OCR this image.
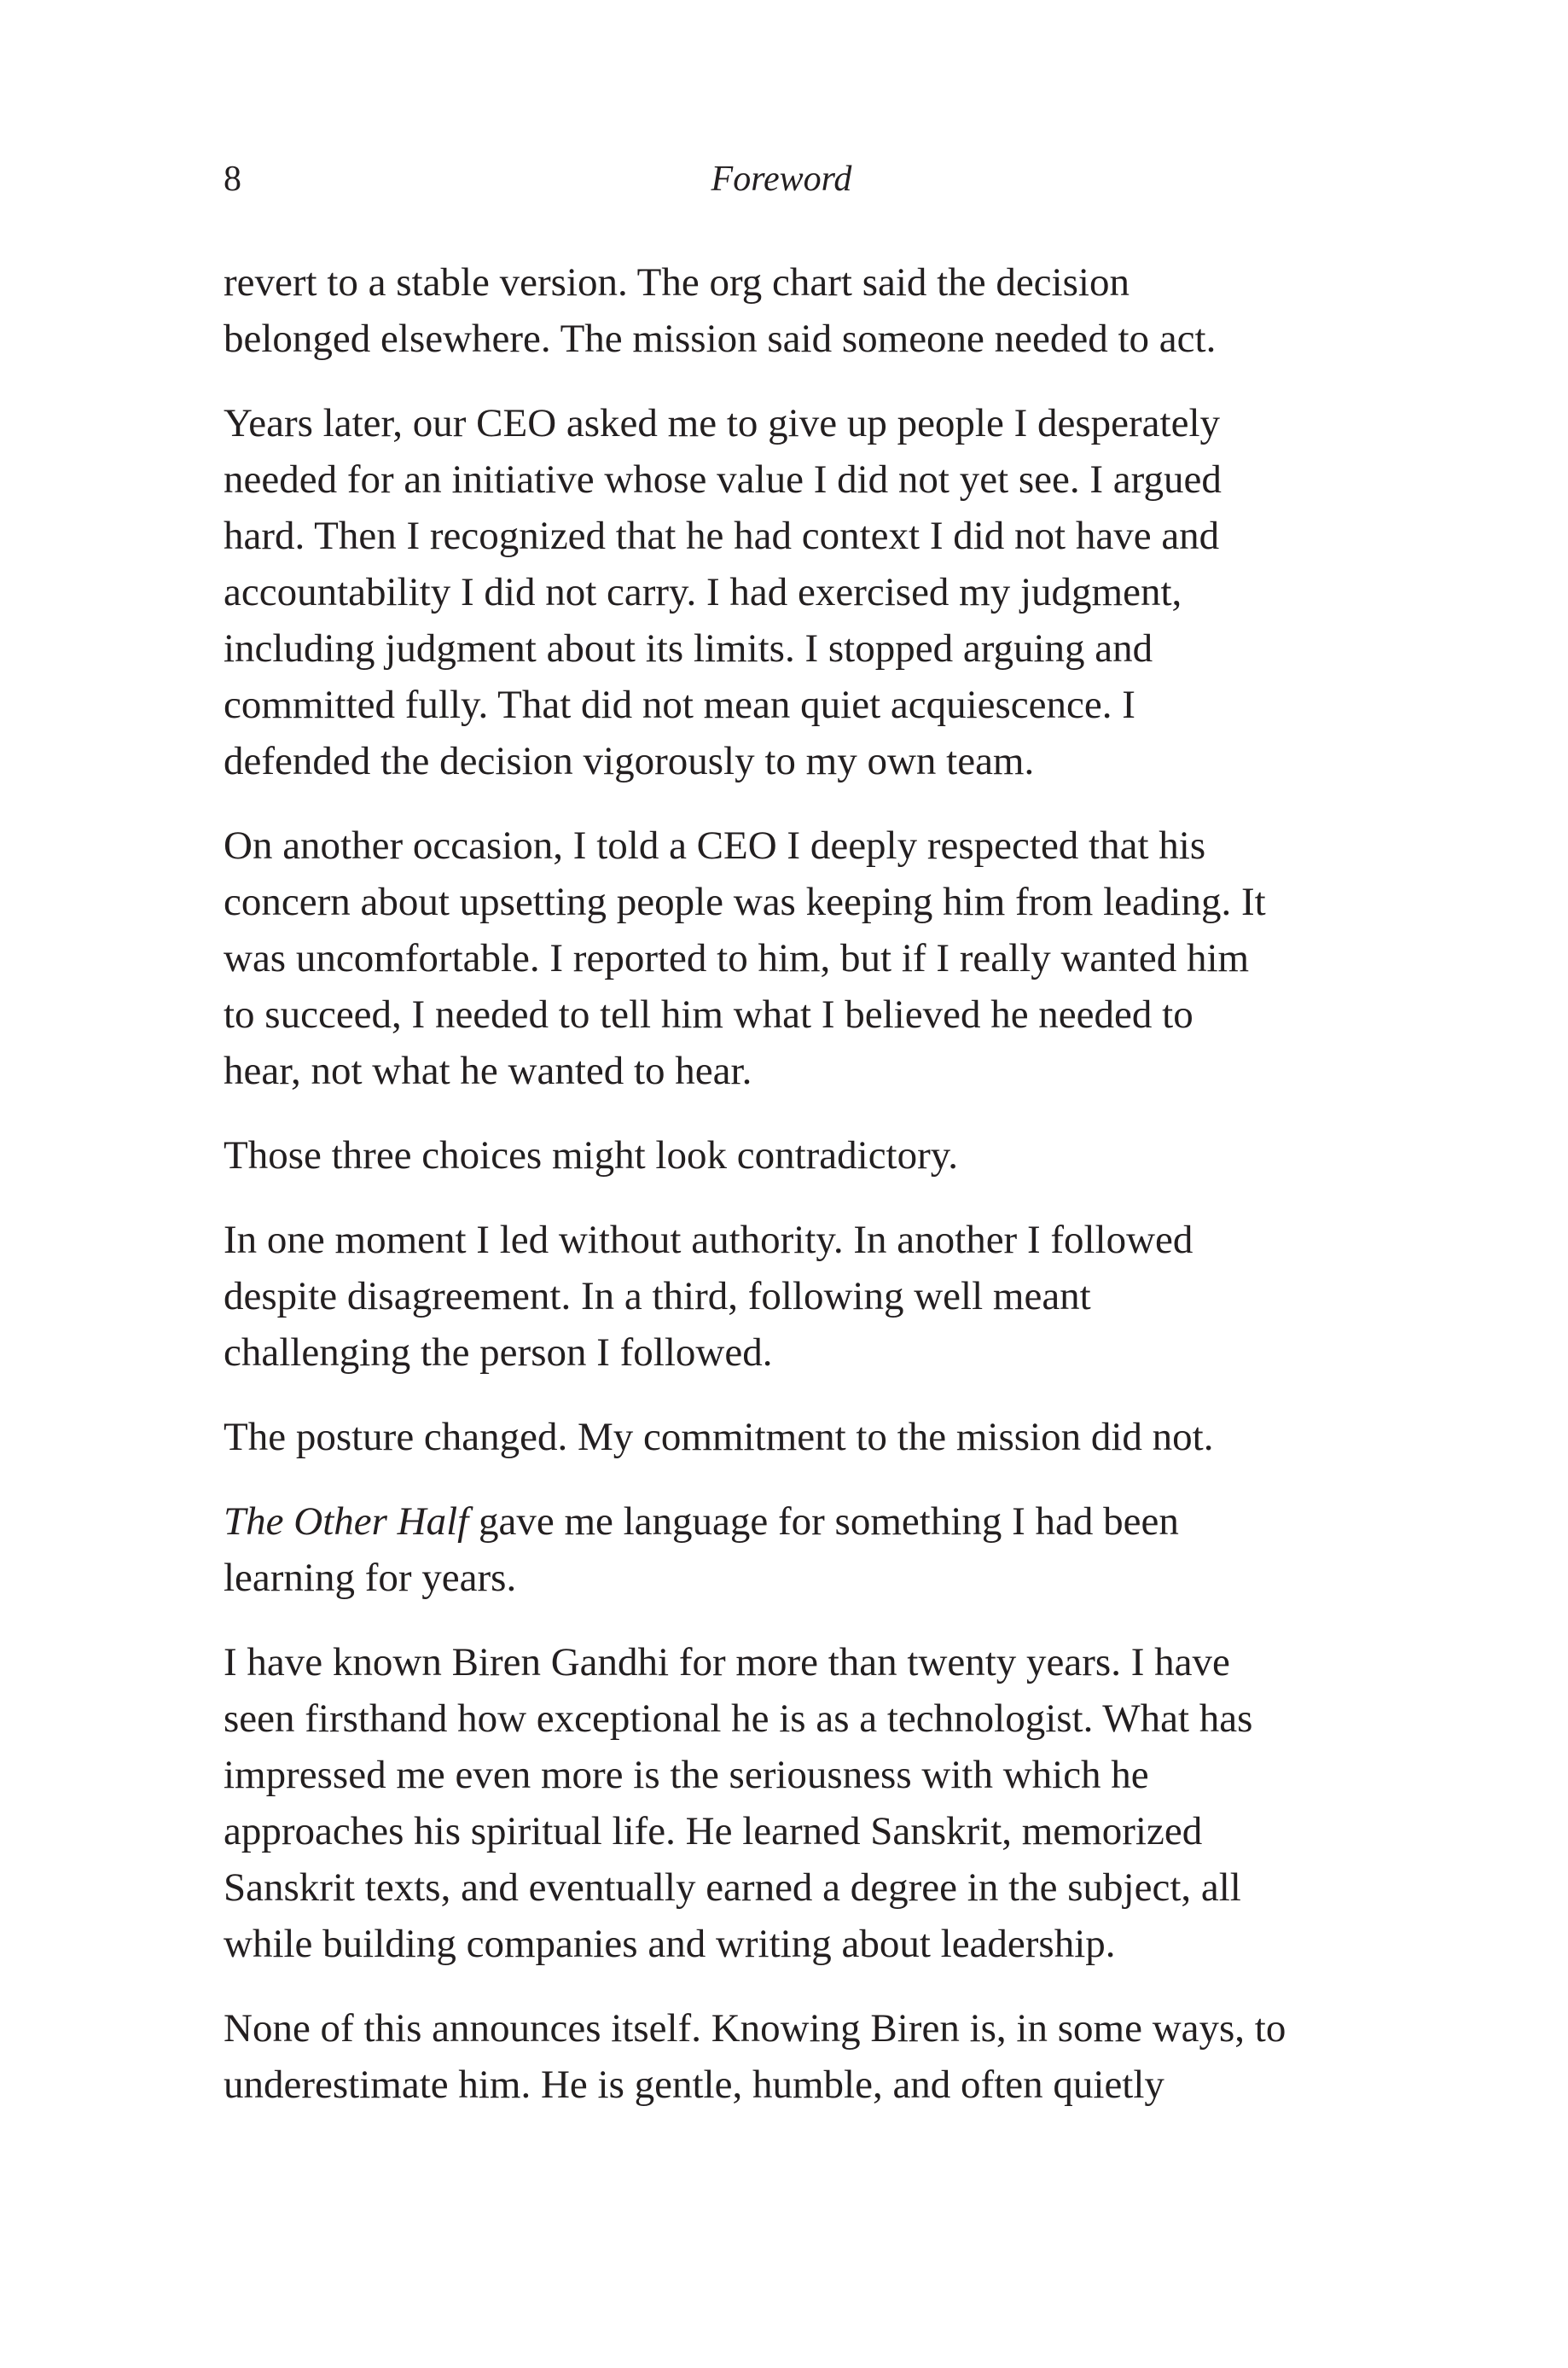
8	Foreword

revert to a stable version. The org chart said the decision
belonged elsewhere. The mission said someone needed to act.

Years later, our CEO asked me to give up people I desperately
needed for an initiative whose value I did not yet see. I argued
hard. Then I recognized that he had context I did not have and
accountability I did not carry. I had exercised my judgment,
including judgment about its limits. I stopped arguing and
committed fully. That did not mean quiet acquiescence. I
defended the decision vigorously to my own team.

On another occasion, I told a CEO I deeply respected that his
concern about upsetting people was keeping him from leading. It
was uncomfortable. I reported to him, but if I really wanted him
to succeed, I needed to tell him what I believed he needed to
hear, not what he wanted to hear.

Those three choices might look contradictory.

In one moment I led without authority. In another I followed
despite disagreement. In a third, following well meant
challenging the person I followed.

The posture changed. My commitment to the mission did not.

The Other Half gave me language for something I had been
learning for years.

I have known Biren Gandhi for more than twenty years. I have
seen firsthand how exceptional he is as a technologist. What has
impressed me even more is the seriousness with which he
approaches his spiritual life. He learned Sanskrit, memorized
Sanskrit texts, and eventually earned a degree in the subject, all
while building companies and writing about leadership.

None of this announces itself. Knowing Biren is, in some ways, to
underestimate him. He is gentle, humble, and often quietly
